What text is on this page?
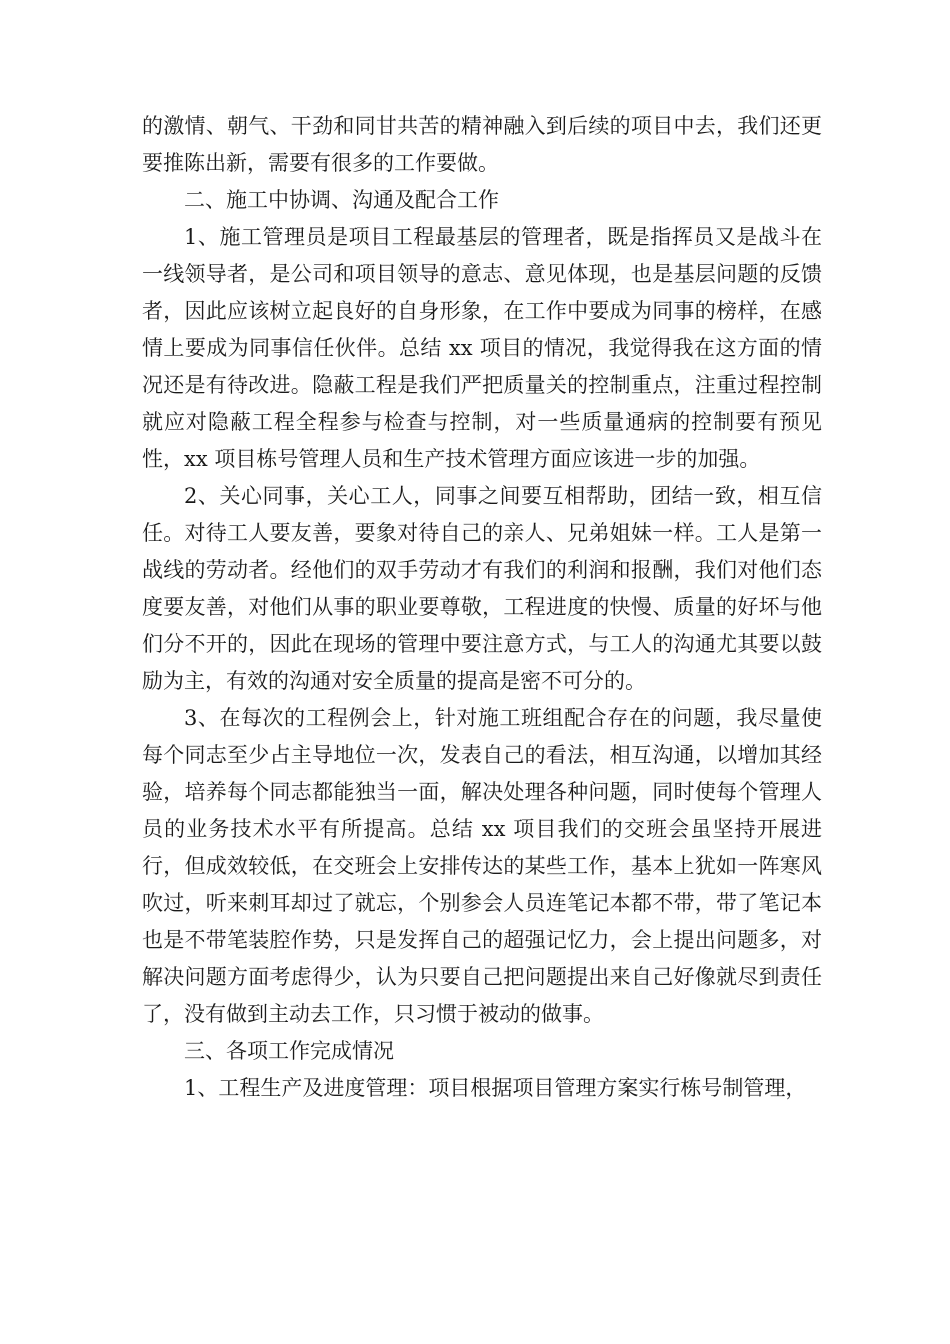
的激情、朝气、干劲和同甘共苦的精神融入到后续的项目中去，我们还更要推陈出新，需要有很多的工作要做。

二、施工中协调、沟通及配合工作

1、施工管理员是项目工程最基层的管理者，既是指挥员又是战斗在一线领导者，是公司和项目领导的意志、意见体现，也是基层问题的反馈者，因此应该树立起良好的自身形象，在工作中要成为同事的榜样，在感情上要成为同事信任伙伴。总结 xx 项目的情况，我觉得我在这方面的情况还是有待改进。隐蔽工程是我们严把质量关的控制重点，注重过程控制就应对隐蔽工程全程参与检查与控制，对一些质量通病的控制要有预见性，xx 项目栋号管理人员和生产技术管理方面应该进一步的加强。

2、关心同事，关心工人，同事之间要互相帮助，团结一致，相互信任。对待工人要友善，要象对待自己的亲人、兄弟姐妹一样。工人是第一战线的劳动者。经他们的双手劳动才有我们的利润和报酬，我们对他们态度要友善，对他们从事的职业要尊敬，工程进度的快慢、质量的好坏与他们分不开的，因此在现场的管理中要注意方式，与工人的沟通尤其要以鼓励为主，有效的沟通对安全质量的提高是密不可分的。

3、在每次的工程例会上，针对施工班组配合存在的问题，我尽量使每个同志至少占主导地位一次，发表自己的看法，相互沟通，以增加其经验，培养每个同志都能独当一面，解决处理各种问题，同时使每个管理人员的业务技术水平有所提高。总结 xx 项目我们的交班会虽坚持开展进行，但成效较低，在交班会上安排传达的某些工作，基本上犹如一阵寒风吹过，听来刺耳却过了就忘，个别参会人员连笔记本都不带，带了笔记本也是不带笔装腔作势，只是发挥自己的超强记忆力，会上提出问题多，对解决问题方面考虑得少，认为只要自己把问题提出来自己好像就尽到责任了，没有做到主动去工作，只习惯于被动的做事。

三、各项工作完成情况

1、工程生产及进度管理：项目根据项目管理方案实行栋号制管理，
